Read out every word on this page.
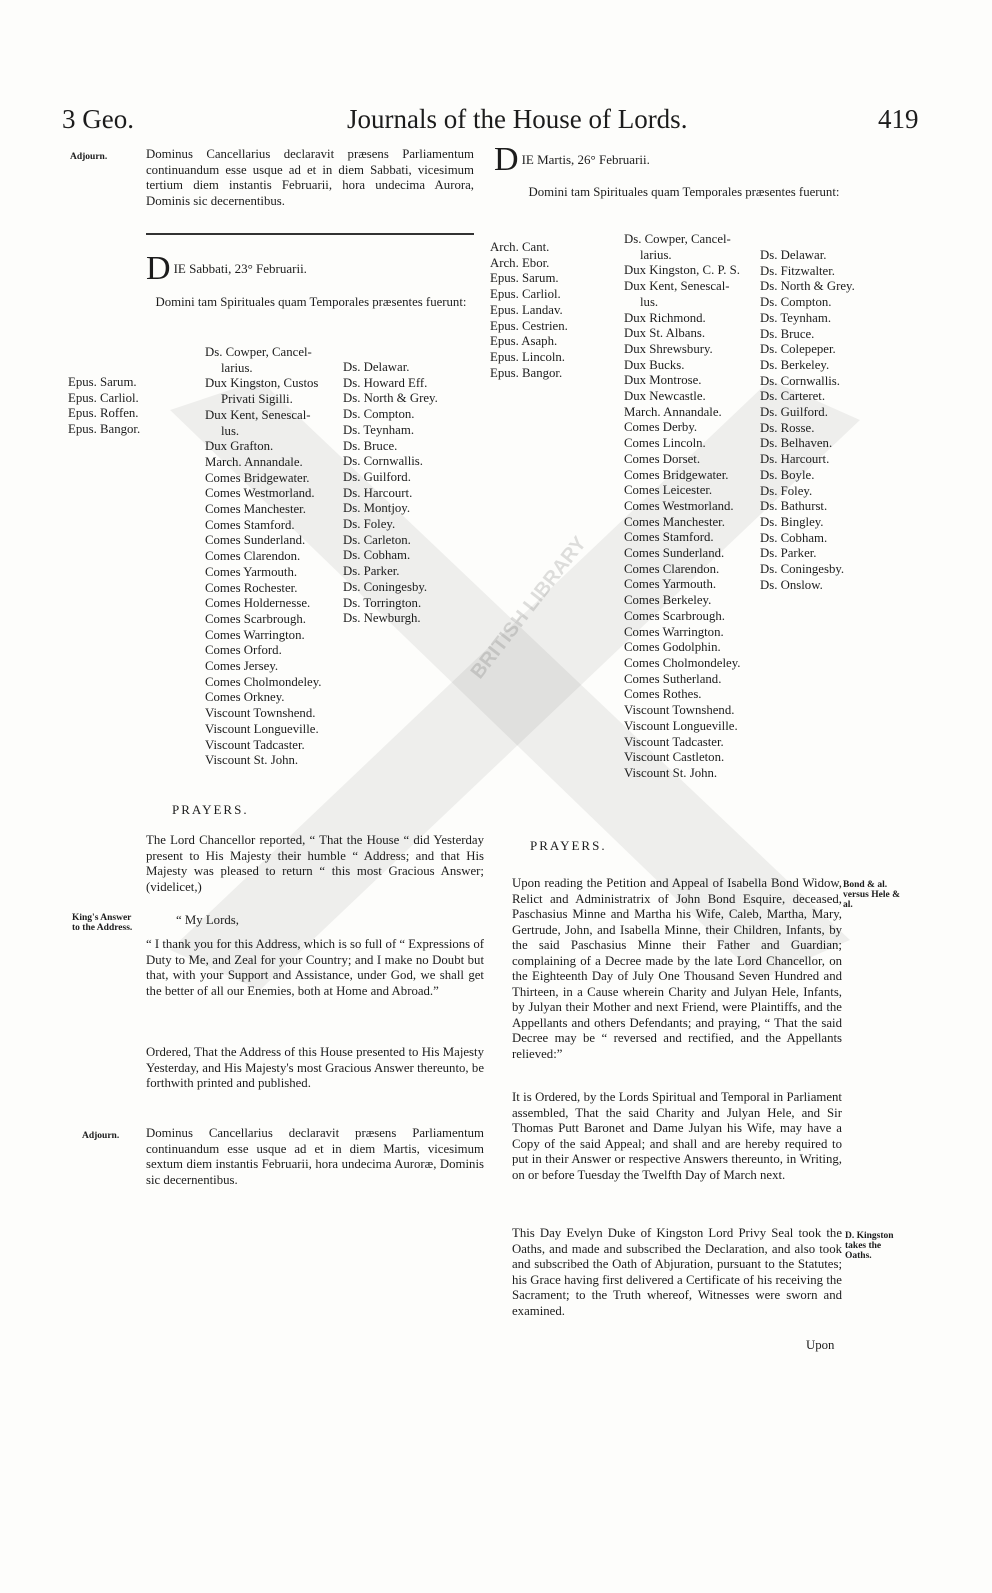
BRITISH LIBRARY
3 Geo.	Journals of the House of Lords.	419
Adjourn.	Dominus Cancellarius declaravit præsens Parliamentum continuandum esse usque ad et in diem Sabbati, vicesimum tertium diem instantis Februarii, hora undecima Aurora, Dominis sic decernentibus.
D IE Sabbati, 23° Februarii.
Domini tam Spirituales quam Temporales præsentes fuerunt:
Epus. Sarum.
Epus. Carliol.
Epus. Roffen.
Epus. Bangor.
Ds. Cowper, Cancel-
larius.
Dux Kingston, Custos
Privati Sigilli.
Dux Kent, Senescal-
lus.
Dux Grafton.
March. Annandale.
Comes Bridgewater.
Comes Westmorland.
Comes Manchester.
Comes Stamford.
Comes Sunderland.
Comes Clarendon.
Comes Yarmouth.
Comes Rochester.
Comes Holdernesse.
Comes Scarbrough.
Comes Warrington.
Comes Orford.
Comes Jersey.
Comes Cholmondeley.
Comes Orkney.
Viscount Townshend.
Viscount Longueville.
Viscount Tadcaster.
Viscount St. John.
Ds. Delawar.
Ds. Howard Eff.
Ds. North & Grey.
Ds. Compton.
Ds. Teynham.
Ds. Bruce.
Ds. Cornwallis.
Ds. Guilford.
Ds. Harcourt.
Ds. Montjoy.
Ds. Foley.
Ds. Carleton.
Ds. Cobham.
Ds. Parker.
Ds. Coningesby.
Ds. Torrington.
Ds. Newburgh.
PRAYERS.
The Lord Chancellor reported, “ That the House “ did Yesterday present to His Majesty their humble “ Address; and that His Majesty was pleased to return “ this most Gracious Answer; (videlicet,)
King's Answer to the Address.
“ My Lords,
“ I thank you for this Address, which is so full of “ Expressions of Duty to Me, and Zeal for your Country; and I make no Doubt but that, with your Support and Assistance, under God, we shall get the better of all our Enemies, both at Home and Abroad.”
Ordered, That the Address of this House presented to His Majesty Yesterday, and His Majesty's most Gracious Answer thereunto, be forthwith printed and published.
Adjourn. Dominus Cancellarius declaravit præsens Parliamentum continuandum esse usque ad et in diem Martis, vicesimum sextum diem instantis Februarii, hora undecima Auroræ, Dominis sic decernentibus.
D IE Martis, 26° Februarii.
Domini tam Spirituales quam Temporales præsentes fuerunt:
Arch. Cant.
Arch. Ebor.
Epus. Sarum.
Epus. Carliol.
Epus. Landav.
Epus. Cestrien.
Epus. Asaph.
Epus. Lincoln.
Epus. Bangor.
Ds. Cowper, Cancel-
larius.
Dux Kingston, C. P. S.
Dux Kent, Senescal-
lus.
Dux Richmond.
Dux St. Albans.
Dux Shrewsbury.
Dux Bucks.
Dux Montrose.
Dux Newcastle.
March. Annandale.
Comes Derby.
Comes Lincoln.
Comes Dorset.
Comes Bridgewater.
Comes Leicester.
Comes Westmorland.
Comes Manchester.
Comes Stamford.
Comes Sunderland.
Comes Clarendon.
Comes Yarmouth.
Comes Berkeley.
Comes Scarbrough.
Comes Warrington.
Comes Godolphin.
Comes Cholmondeley.
Comes Sutherland.
Comes Rothes.
Viscount Townshend.
Viscount Longueville.
Viscount Tadcaster.
Viscount Castleton.
Viscount St. John.
Ds. Delawar.
Ds. Fitzwalter.
Ds. North & Grey.
Ds. Compton.
Ds. Teynham.
Ds. Bruce.
Ds. Colepeper.
Ds. Berkeley.
Ds. Cornwallis.
Ds. Carteret.
Ds. Guilford.
Ds. Rosse.
Ds. Belhaven.
Ds. Harcourt.
Ds. Boyle.
Ds. Foley.
Ds. Bathurst.
Ds. Bingley.
Ds. Cobham.
Ds. Parker.
Ds. Coningesby.
Ds. Onslow.
PRAYERS.
Bond & al. versus Hele & al.
Upon reading the Petition and Appeal of Isabella Bond Widow, Relict and Administratrix of John Bond Esquire, deceased, Paschasius Minne and Martha his Wife, Caleb, Martha, Mary, Gertrude, John, and Isabella Minne, their Children, Infants, by the said Paschasius Minne their Father and Guardian; complaining of a Decree made by the late Lord Chancellor, on the Eighteenth Day of July One Thousand Seven Hundred and Thirteen, in a Cause wherein Charity and Julyan Hele, Infants, by Julyan their Mother and next Friend, were Plaintiffs, and the Appellants and others Defendants; and praying, “ That the said Decree may be “ reversed and rectified, and the Appellants relieved:”
It is Ordered, by the Lords Spiritual and Temporal in Parliament assembled, That the said Charity and Julyan Hele, and Sir Thomas Putt Baronet and Dame Julyan his Wife, may have a Copy of the said Appeal; and shall and are hereby required to put in their Answer or respective Answers thereunto, in Writing, on or before Tuesday the Twelfth Day of March next.
D. Kingston takes the Oaths.
This Day Evelyn Duke of Kingston Lord Privy Seal took the Oaths, and made and subscribed the Declaration, and also took and subscribed the Oath of Abjuration, pursuant to the Statutes; his Grace having first delivered a Certificate of his receiving the Sacrament; to the Truth whereof, Witnesses were sworn and examined.
Upon
